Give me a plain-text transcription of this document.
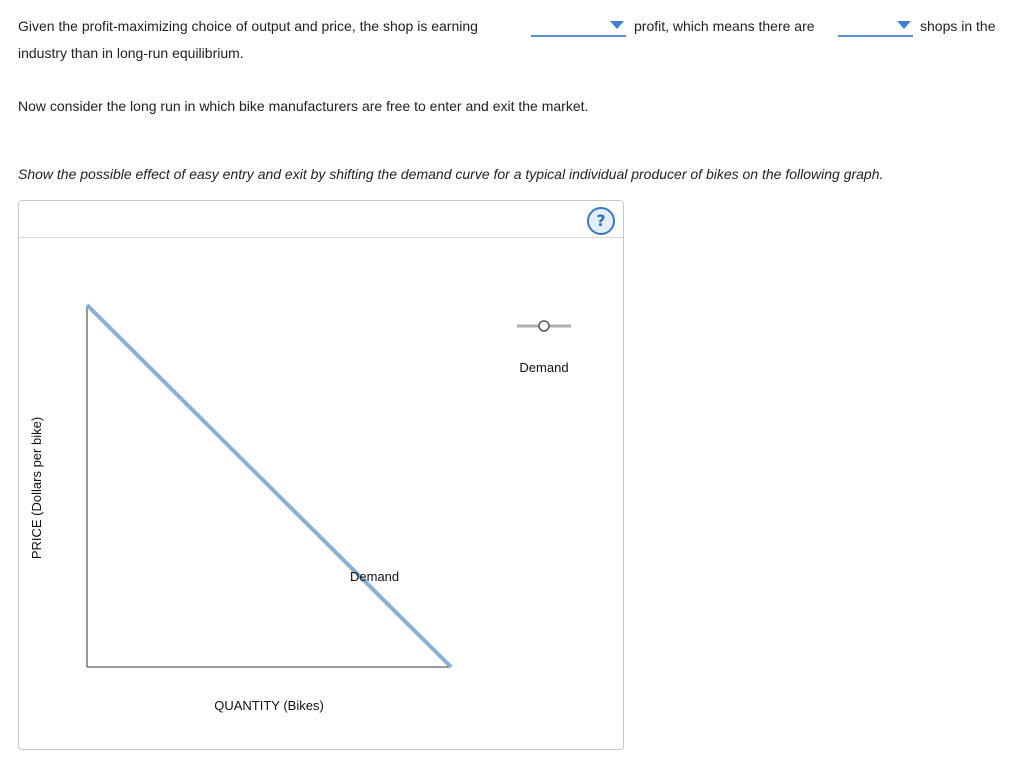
Given the profit-maximizing choice of output and price, the shop is earning	profit, which means there are	shops in the
industry than in long-run equilibrium.
Now consider the long run in which bike manufacturers are free to enter and exit the market.
Show the possible effect of easy entry and exit by shifting the demand curve for a typical individual producer of bikes on the following graph.
?
Demand
QUANTITY (Bikes)
PRICE (Dollars per bike)
Demand
